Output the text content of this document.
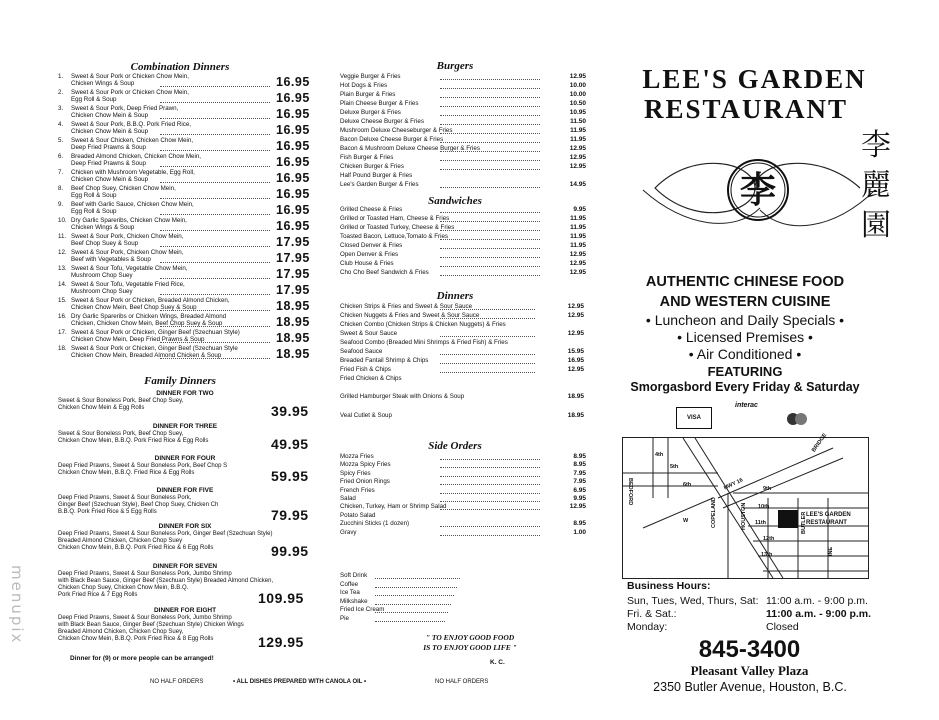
menupix
Combination Dinners
1. Sweet & Sour Pork or Chicken Chow Mein,
Chicken Wings & Soup	16.95
2. Sweet & Sour Pork or Chicken Chow Mein,
Egg Roll & Soup	16.95
3. Sweet & Sour Pork, Deep Fried Prawn,
Chicken Chow Mein & Soup	16.95
4. Sweet & Sour Pork, B.B.Q. Pork Fried Rice,
Chicken Chow Mein & Soup	16.95
5. Sweet & Sour Chicken, Chicken Chow Mein,
Deep Fried Prawns & Soup	16.95
6. Breaded Almond Chicken, Chicken Chow Mein,
Deep Fried Prawns & Soup	16.95
7. Chicken with Mushroom Vegetable, Egg Roll,
Chicken Chow Mein & Soup	16.95
8. Beef Chop Suey, Chicken Chow Mein,
Egg Roll & Soup	16.95
9. Beef with Garlic Sauce, Chicken Chow Mein,
Egg Roll & Soup	16.95
10. Dry Garlic Spareribs, Chicken Chow Mein,
Chicken Wings & Soup	16.95
11. Sweet & Sour Pork, Chicken Chow Mein,
Beef Chop Suey & Soup	17.95
12. Sweet & Sour Pork, Chicken Chow Mein,
Beef with Vegetables & Soup	17.95
13. Sweet & Sour Tofu, Vegetable Chow Mein,
Mushroom Chop Suey	17.95
14. Sweet & Sour Tofu, Vegetable Fried Rice,
Mushroom Chop Suey	17.95
15. Sweet & Sour Pork or Chicken, Breaded Almond Chicken,
Chicken Chow Mein, Beef Chop Suey & Soup	18.95
16. Dry Garlic Spareribs or Chicken Wings, Breaded Almond
Chicken, Chicken Chow Mein, Beef Chop Suey & Soup	18.95
17. Sweet & Sour Pork or Chicken, Ginger Beef (Szechuan Style)
Chicken Chow Mein, Deep Fried Prawns & Soup	18.95
18. Sweet & Sour Pork or Chicken, Ginger Beef (Szechuan Style
Chicken Chow Mein, Breaded Almond Chicken & Soup	18.95
Family Dinners
DINNER FOR TWO
Sweet & Sour Boneless Pork, Beef Chop Suey,
Chicken Chow Mein & Egg Rolls	39.95
DINNER FOR THREE
Sweet & Sour Boneless Pork, Beef Chop Suey,
Chicken Chow Mein, B.B.Q. Pork Fried Rice & Egg Rolls	49.95
DINNER FOR FOUR
Deep Fried Prawns, Sweet & Sour Boneless Pork, Beef Chop S
Chicken Chow Mein, B.B.Q. Fried Rice & Egg Rolls	59.95
DINNER FOR FIVE
Deep Fried Prawns, Sweet & Sour Boneless Pork,
Ginger Beef (Szechuan Style), Beef Chop Suey, Chicken Ch
B.B.Q. Pork Fried Rice & 5 Egg Rolls	79.95
DINNER FOR SIX
Deep Fried Prawns, Sweet & Sour Boneless Pork, Ginger Beef (Szechuan Style)
Breaded Almond Chicken, Chicken Chop Suey
Chicken Chow Mein, B.B.Q. Pork Fried Rice & 6 Egg Rolls	99.95
DINNER FOR SEVEN
Deep Fried Prawns, Sweet & Sour Boneless Pork, Jumbo Shrimp
with Black Bean Sauce, Ginger Beef (Szechuan Style) Breaded Almond Chicken,
Chicken Chop Suey, Chicken Chow Mein, B.B.Q.
Pork Fried Rice & 7 Egg Rolls	109.95
DINNER FOR EIGHT
Deep Fried Prawns, Sweet & Sour Boneless Pork, Jumbo Shrimp
with Black Bean Sauce, Ginger Beef (Szechuan Style) Chicken Wings
Breaded Almond Chicken, Chicken Chop Suey,
Chicken Chow Mein, B.B.Q. Pork Fried Rice & 8 Egg Rolls	129.95
Dinner for (9) or more people can be arranged!
Burgers
Veggie Burger & Fries	12.95
Hot Dogs & Fries	10.00
Plain Burger & Fries	10.00
Plain Cheese Burger & Fries	10.50
Deluxe Burger & Fries	10.95
Deluxe Cheese Burger & Fries	11.50
Mushroom Deluxe Cheeseburger & Fries	11.95
Bacon Deluxe Cheese Burger & Fries	11.95
Bacon & Mushroom Deluxe Cheese Burger & Fries	12.95
Fish Burger & Fries	12.95
Chicken Burger & Fries	12.95
Half Pound Burger & Fries
Lee's Garden Burger & Fries	14.95
Sandwiches
Grilled Cheese & Fries	9.95
Grilled or Toasted Ham, Cheese & Fries	11.95
Grilled or Toasted Turkey, Cheese & Fries	11.95
Toasted Bacon, Lettuce,Tomato & Fries	11.95
Closed Denver & Fries	11.95
Open Denver & Fries	12.95
Club House & Fries	12.95
Cho Cho Beef Sandwich & Fries	12.95
Dinners
Chicken Strips & Fries and Sweet & Sour Sauce	12.95
Chicken Nuggets & Fries and Sweet & Sour Sauce	12.95
Chicken Combo (Chicken Strips & Chicken Nuggets) & Fries
Sweet & Sour Sauce	12.95
Seafood Combo (Breaded Mini Shrimps & Fried Fish) & Fries
Seafood Sauce	15.95
Breaded Fantail Shrimp & Chips	16.95
Fried Fish & Chips	12.95
Fried Chicken & Chips
Grilled Hamburger Steak with Onions & Soup	18.95
Veal Cutlet & Soup	18.95
Side Orders
Mozza Fries	8.95
Mozza Spicy Fries	8.95
Spicy Fries	7.95
Fried Onion Rings	7.95
French Fries	6.95
Salad	9.95
Chicken, Turkey, Ham or Shrimp Salad	12.95
Potato Salad
Zucchini Sticks (1 dozen)	8.95
Gravy	1.00
Soft Drink
Coffee
Ice Tea
Milkshake
Fried Ice Cream
Pie
" TO ENJOY GOOD FOOD
IS TO ENJOY GOOD LIFE "
K. C.
NO HALF ORDERS	• ALL DISHES PREPARED WITH CANOLA OIL •	NO HALF ORDERS
LEE'S GARDEN
RESTAURANT
李
李
麗
園
AUTHENTIC CHINESE FOOD
AND WESTERN CUISINE
• Luncheon and Daily Specials •
• Licensed Premises •
• Air Conditioned •
FEATURING
Smorgasbord Every Friday & Saturday
VISA
interac
4th
5th
6th
9th
10th
11th
12th
13th
HWY 16
BRIDGE
BEDFORD
W	COPELAND	HOUSTON	BUTLER
INE
LEE'S GARDEN
RESTAURANT
Business Hours:
Sun, Tues, Wed, Thurs, Sat: 11:00 a.m. - 9:00 p.m.
Fri. & Sat.:	11:00 a.m. - 9:00 p.m.
Monday:	Closed
845-3400
Pleasant Valley Plaza
2350 Butler Avenue, Houston, B.C.
